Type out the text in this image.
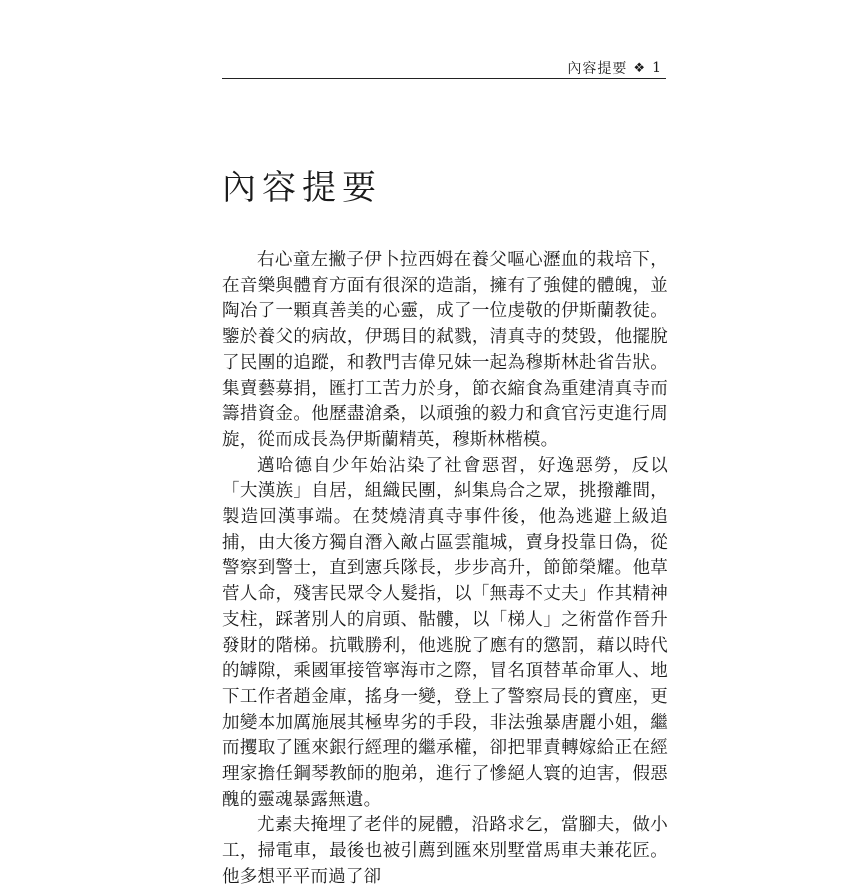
內容提要 ❖ 1
內容提要

右心童左撇子伊卜拉西姆在養父嘔心瀝血的栽培下，在音樂與體育方面有很深的造詣，擁有了強健的體魄，並陶冶了一顆真善美的心靈，成了一位虔敬的伊斯蘭教徒。鑒於養父的病故，伊瑪目的弒戮，清真寺的焚毀，他擺脫了民團的追蹤，和教門吉偉兄妹一起為穆斯林赴省告狀。集賣藝募捐，匯打工苦力於身，節衣縮食為重建清真寺而籌措資金。他歷盡滄桑，以頑強的毅力和貪官污吏進行周旋，從而成長為伊斯蘭精英，穆斯林楷模。

邁哈德自少年始沾染了社會惡習，好逸惡勞，反以「大漢族」自居，組織民團，糾集烏合之眾，挑撥離間，製造回漢事端。在焚燒清真寺事件後，他為逃避上級追捕，由大後方獨自潛入敵占區雲龍城，賣身投靠日偽，從警察到警士，直到憲兵隊長，步步高升，節節榮耀。他草菅人命，殘害民眾令人髮指，以「無毒不丈夫」作其精神支柱，踩著別人的肩頭、骷髏，以「梯人」之術當作晉升發財的階梯。抗戰勝利，他逃脫了應有的懲罰，藉以時代的罅隙，乘國軍接管寧海市之際，冒名頂替革命軍人、地下工作者趙金庫，搖身一變，登上了警察局長的寶座，更加變本加厲施展其極卑劣的手段，非法強暴唐麗小姐，繼而攫取了匯來銀行經理的繼承權，卻把罪責轉嫁給正在經理家擔任鋼琴教師的胞弟，進行了慘絕人寰的迫害，假惡醜的靈魂暴露無遺。

尤素夫掩埋了老伴的屍體，沿路求乞，當腳夫，做小工，掃電車，最後也被引薦到匯來別墅當馬車夫兼花匠。他多想平平而過了卻
